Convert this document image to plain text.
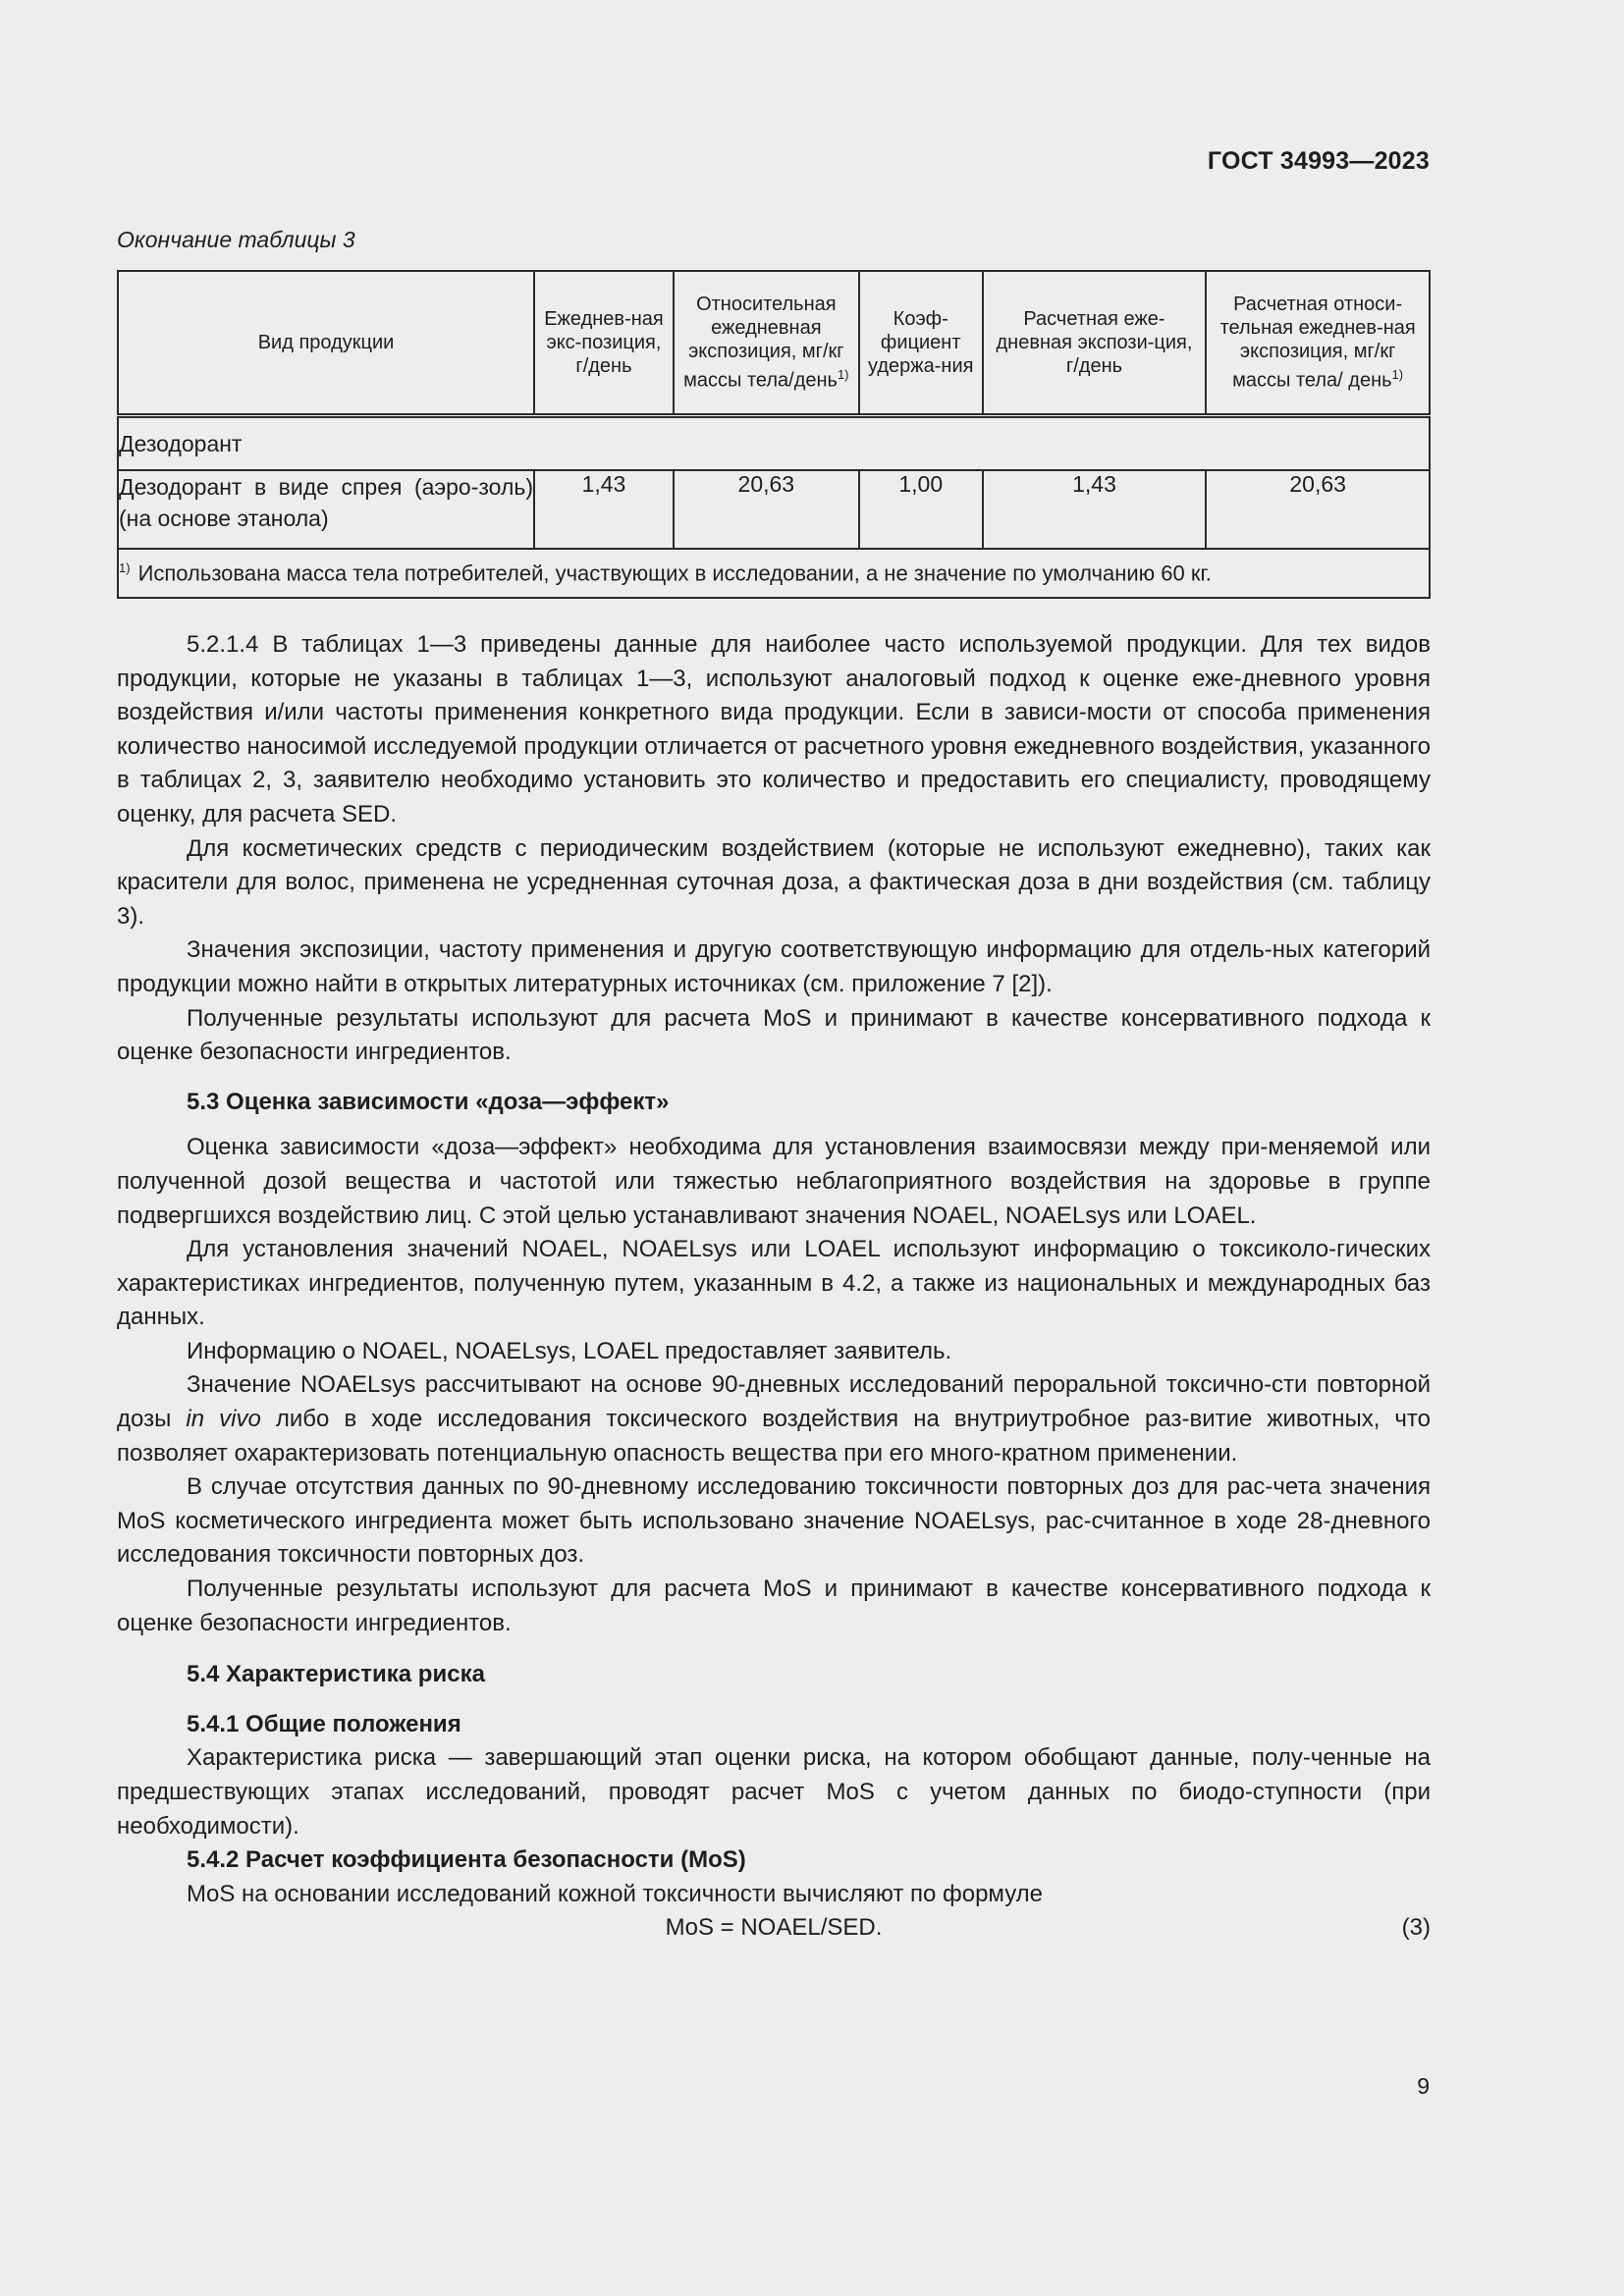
ГОСТ 34993—2023
Окончание таблицы 3
Вид продукции	Ежеднев-ная экс-позиция, г/день	Относительная ежедневная экспозиция, мг/кг массы тела/день$^{1)}$	Коэф-фициент удержа-ния	Расчетная еже-дневная экспози-ция, г/день	Расчетная относи-тельная ежеднев-ная экспозиция, мг/кг массы тела/ день$^{1)}$

Дезодорант					
Дезодорант в виде спрея (аэро-золь) (на основе этанола)	1,43	20,63	1,00	1,43	20,63
$^{1)}$ Использована масса тела потребителей, участвующих в исследовании, а не значение по умолчанию 60 кг.					

5.2.1.4 В таблицах 1—3 приведены данные для наиболее часто используемой продукции. Для тех видов продукции, которые не указаны в таблицах 1—3, используют аналоговый подход к оценке еже-дневного уровня воздействия и/или частоты применения конкретного вида продукции. Если в зависи-мости от способа применения количество наносимой исследуемой продукции отличается от расчетного уровня ежедневного воздействия, указанного в таблицах 2, 3, заявителю необходимо установить это количество и предоставить его специалисту, проводящему оценку, для расчета SED.

Для косметических средств с периодическим воздействием (которые не используют ежедневно), таких как красители для волос, применена не усредненная суточная доза, а фактическая доза в дни воздействия (см. таблицу 3).

Значения экспозиции, частоту применения и другую соответствующую информацию для отдель-ных категорий продукции можно найти в открытых литературных источниках (см. приложение 7 [2]).

Полученные результаты используют для расчета MoS и принимают в качестве консервативного подхода к оценке безопасности ингредиентов.

5.3 Оценка зависимости «доза—эффект»

Оценка зависимости «доза—эффект» необходима для установления взаимосвязи между при-меняемой или полученной дозой вещества и частотой или тяжестью неблагоприятного воздействия на здоровье в группе подвергшихся воздействию лиц. С этой целью устанавливают значения NOAEL, NOAELsys или LOAEL.

Для установления значений NOAEL, NOAELsys или LOAEL используют информацию о токсиколо-гических характеристиках ингредиентов, полученную путем, указанным в 4.2, а также из национальных и международных баз данных.

Информацию о NOAEL, NOAELsys, LOAEL предоставляет заявитель.

Значение NOAELsys рассчитывают на основе 90-дневных исследований пероральной токсично-сти повторной дозы in vivo либо в ходе исследования токсического воздействия на внутриутробное раз-витие животных, что позволяет охарактеризовать потенциальную опасность вещества при его много-кратном применении.

В случае отсутствия данных по 90-дневному исследованию токсичности повторных доз для рас-чета значения MoS косметического ингредиента может быть использовано значение NOAELsys, рас-считанное в ходе 28-дневного исследования токсичности повторных доз.

Полученные результаты используют для расчета MoS и принимают в качестве консервативного подхода к оценке безопасности ингредиентов.

5.4 Характеристика риска
5.4.1 Общие положения

Характеристика риска — завершающий этап оценки риска, на котором обобщают данные, полу-ченные на предшествующих этапах исследований, проводят расчет MoS с учетом данных по биодо-ступности (при необходимости).

5.4.2 Расчет коэффициента безопасности (MoS)

MoS на основании исследований кожной токсичности вычисляют по формуле

MoS = NOAEL/SED.	(3)
9
